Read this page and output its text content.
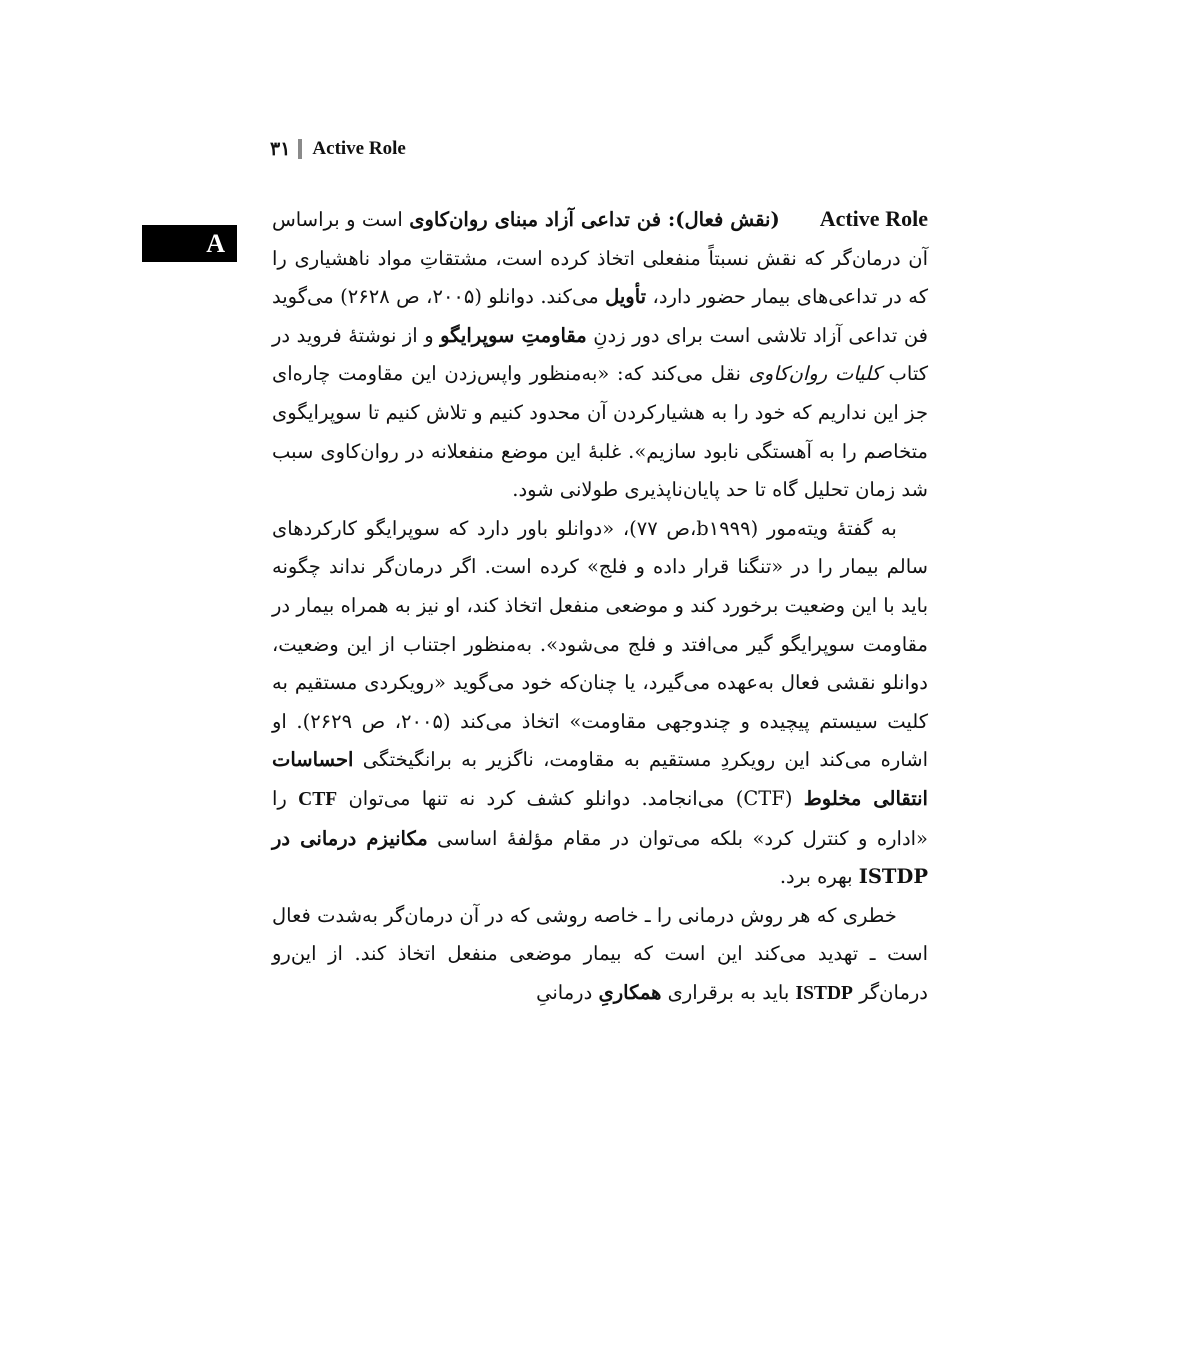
۳۱ Active Role
A

Active Role(نقش فعال): فن تداعی آزاد مبنای روان‌کاوی است و براساس آن درمان‌گر که نقش نسبتاً منفعلی اتخاذ کرده است، مشتقاتِ مواد ناهشیاری را که در تداعی‌های بیمار حضور دارد، تأویل می‌کند. دوانلو (۲۰۰۵، ص ۲۶۲۸) می‌گوید فن تداعی آزاد تلاشی است برای دور زدنِ مقاومتِ سوپرایگو و از نوشتهٔ فروید در کتاب کلیات روان‌کاوی نقل می‌کند که: «به‌منظور واپس‌زدن این مقاومت چاره‌ای جز این نداریم که خود را به هشیارکردن آن محدود کنیم و تلاش کنیم تا سوپرایگوی متخاصم را به آهستگی نابود سازیم». غلبهٔ این موضع منفعلانه در روان‌کاوی سبب شد زمان تحلیل گاه تا حد پایان‌ناپذیری طولانی شود.

به گفتهٔ ویته‌مور (b۱۹۹۹،ص ۷۷)، «دوانلو باور دارد که سوپرایگو کارکردهای سالم بیمار را در «تنگنا قرار داده و فلج» کرده است. اگر درمان‌گر نداند چگونه باید با این وضعیت برخورد کند و موضعی منفعل اتخاذ کند، او نیز به همراه بیمار در مقاومت سوپرایگو گیر می‌افتد و فلج می‌شود». به‌منظور اجتناب از این وضعیت، دوانلو نقشی فعال به‌عهده می‌گیرد، یا چنان‌که خود می‌گوید «رویکردی مستقیم به کلیت سیستم پیچیده و چندوجهی مقاومت» اتخاذ می‌کند (۲۰۰۵، ص ۲۶۲۹). او اشاره می‌کند این رویکردِ مستقیم به مقاومت، ناگزیر به برانگیختگی احساسات انتقالی مخلوط (CTF) می‌انجامد. دوانلو کشف کرد نه تنها می‌توان CTF را «اداره و کنترل کرد» بلکه می‌توان در مقام مؤلفهٔ اساسی مکانیزم درمانی در ISTDP بهره برد.

خطری که هر روش درمانی را ـ خاصه روشی که در آن درمان‌گر به‌شدت فعال است ـ تهدید می‌کند این است که بیمار موضعی منفعل اتخاذ کند. از این‌رو درمان‌گر ISTDP باید به برقراری همکاریِ درمانیِ
